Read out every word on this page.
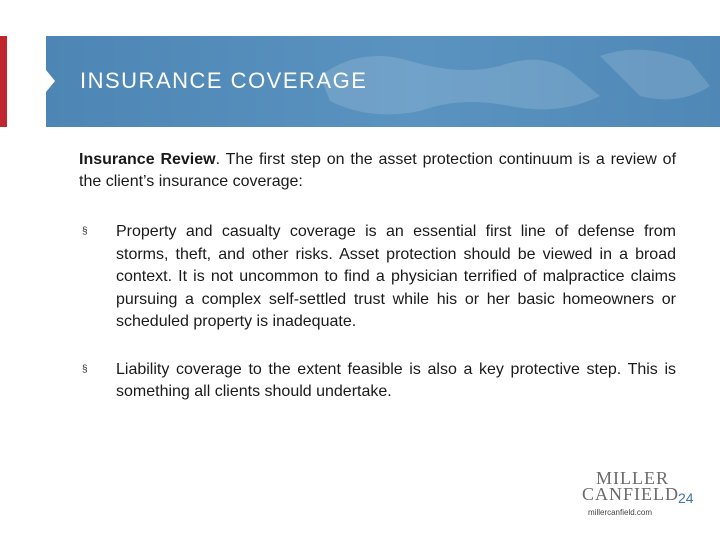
INSURANCE COVERAGE

Insurance Review. The first step on the asset protection continuum is a review of the client’s insurance coverage:

§ Property and casualty coverage is an essential first line of defense from storms, theft, and other risks. Asset protection should be viewed in a broad context. It is not uncommon to find a physician terrified of malpractice claims pursuing a complex self-settled trust while his or her basic homeowners or scheduled property is inadequate.
§ Liability coverage to the extent feasible is also a key protective step. This is something all clients should undertake.
MILLER
CANFIELD
millercanfield.com
24
